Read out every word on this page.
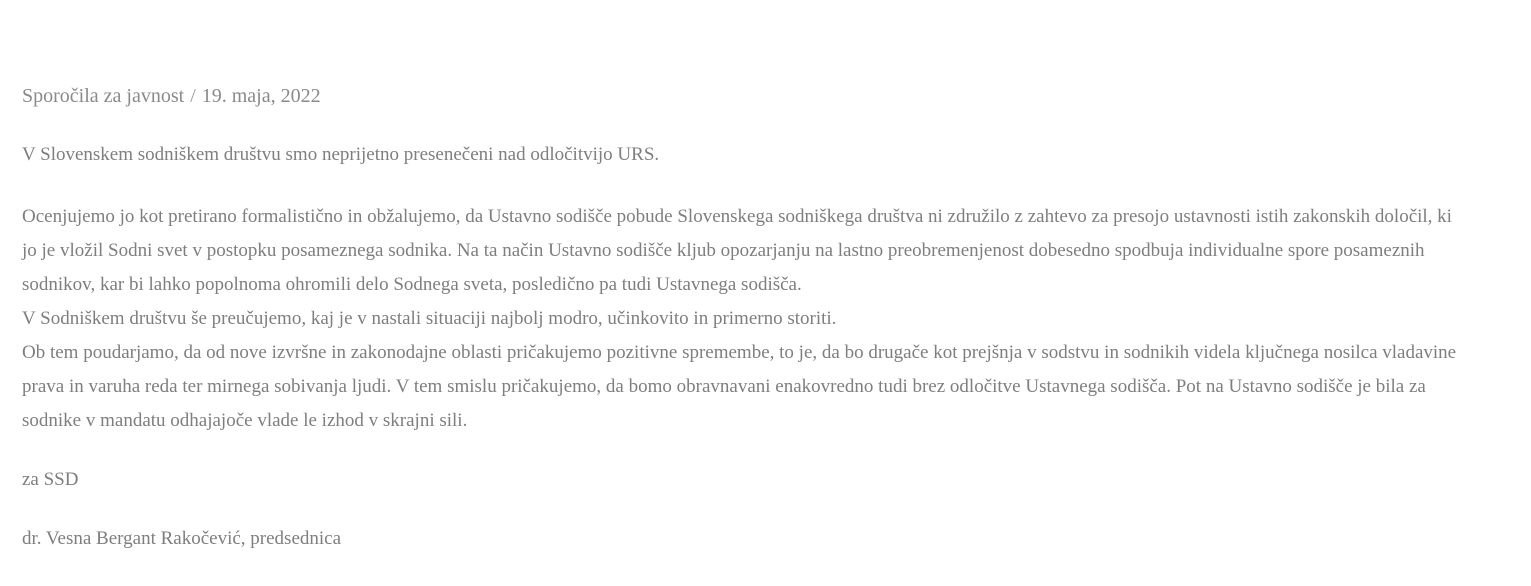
Sporočila za javnost / 19. maja, 2022
V Slovenskem sodniškem društvu smo neprijetno presenečeni nad odločitvijo URS.

Ocenjujemo jo kot pretirano formalistično in obžalujemo, da Ustavno sodišče pobude Slovenskega sodniškega društva ni združilo z zahtevo za presojo ustavnosti istih zakonskih določil, ki jo je vložil Sodni svet v postopku posameznega sodnika. Na ta način Ustavno sodišče kljub opozarjanju na lastno preobremenjenost dobesedno spodbuja individualne spore posameznih sodnikov, kar bi lahko popolnoma ohromili delo Sodnega sveta, posledično pa tudi Ustavnega sodišča.

V Sodniškem društvu še preučujemo, kaj je v nastali situaciji najbolj modro, učinkovito in primerno storiti.

Ob tem poudarjamo, da od nove izvršne in zakonodajne oblasti pričakujemo pozitivne spremembe, to je, da bo drugače kot prejšnja v sodstvu in sodnikih videla ključnega nosilca vladavine prava in varuha reda ter mirnega sobivanja ljudi. V tem smislu pričakujemo, da bomo obravnavani enakovredno tudi brez odločitve Ustavnega sodišča. Pot na Ustavno sodišče je bila za sodnike v mandatu odhajajoče vlade le izhod v skrajni sili.

za SSD
dr. Vesna Bergant Rakočević, predsednica
